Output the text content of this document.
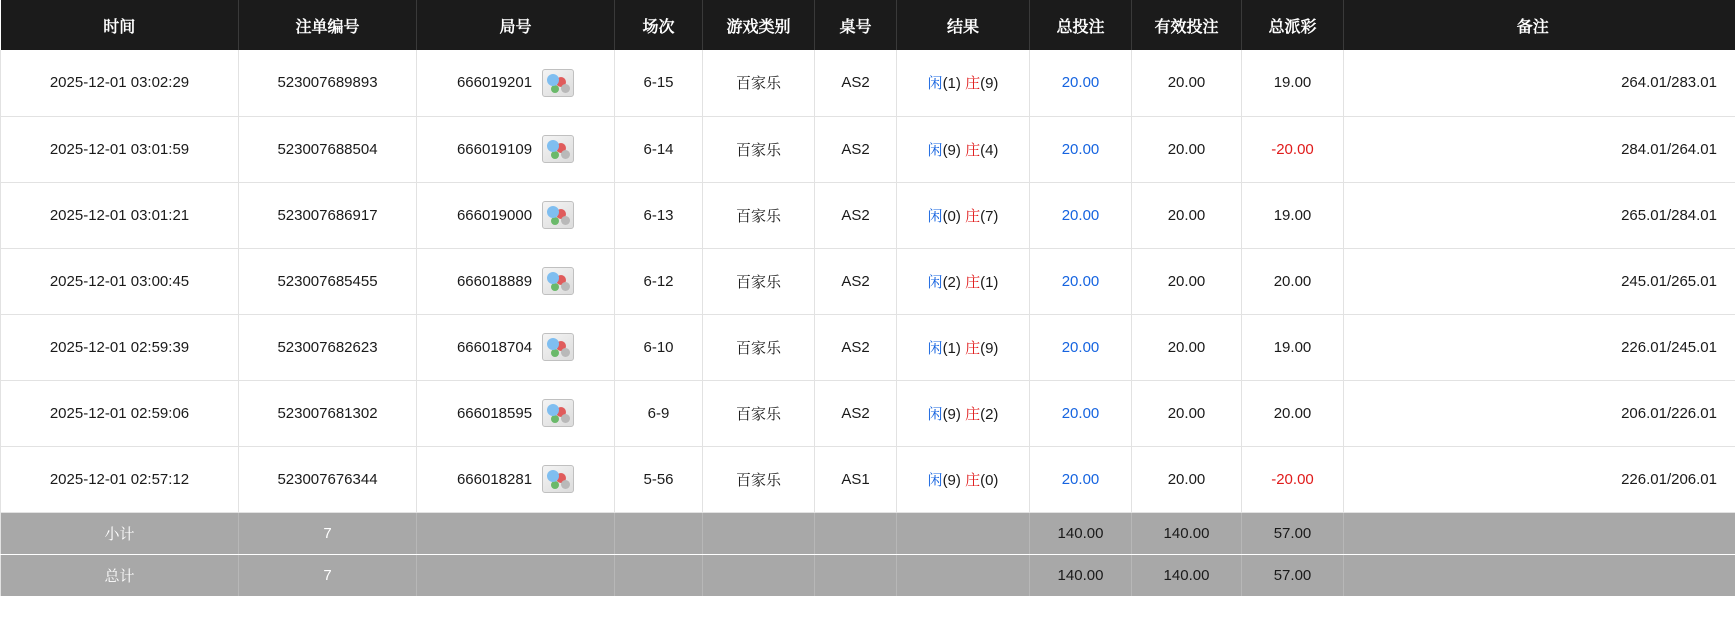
时间	注单编号	局号	场次	游戏类别	桌号	结果	总投注	有效投注	总派彩	备注
2025-12-01 03:02:29	523007689893	666019201	6-15	百家乐	AS2	闲(1) 庄(9)	20.00	20.00	19.00	264.01/283.01
2025-12-01 03:01:59	523007688504	666019109	6-14	百家乐	AS2	闲(9) 庄(4)	20.00	20.00	-20.00	284.01/264.01
2025-12-01 03:01:21	523007686917	666019000	6-13	百家乐	AS2	闲(0) 庄(7)	20.00	20.00	19.00	265.01/284.01
2025-12-01 03:00:45	523007685455	666018889	6-12	百家乐	AS2	闲(2) 庄(1)	20.00	20.00	20.00	245.01/265.01
2025-12-01 02:59:39	523007682623	666018704	6-10	百家乐	AS2	闲(1) 庄(9)	20.00	20.00	19.00	226.01/245.01
2025-12-01 02:59:06	523007681302	666018595	6-9	百家乐	AS2	闲(9) 庄(2)	20.00	20.00	20.00	206.01/226.01
2025-12-01 02:57:12	523007676344	666018281	5-56	百家乐	AS1	闲(9) 庄(0)	20.00	20.00	-20.00	226.01/206.01
小计	7						140.00	140.00	57.00	
总计	7						140.00	140.00	57.00	
